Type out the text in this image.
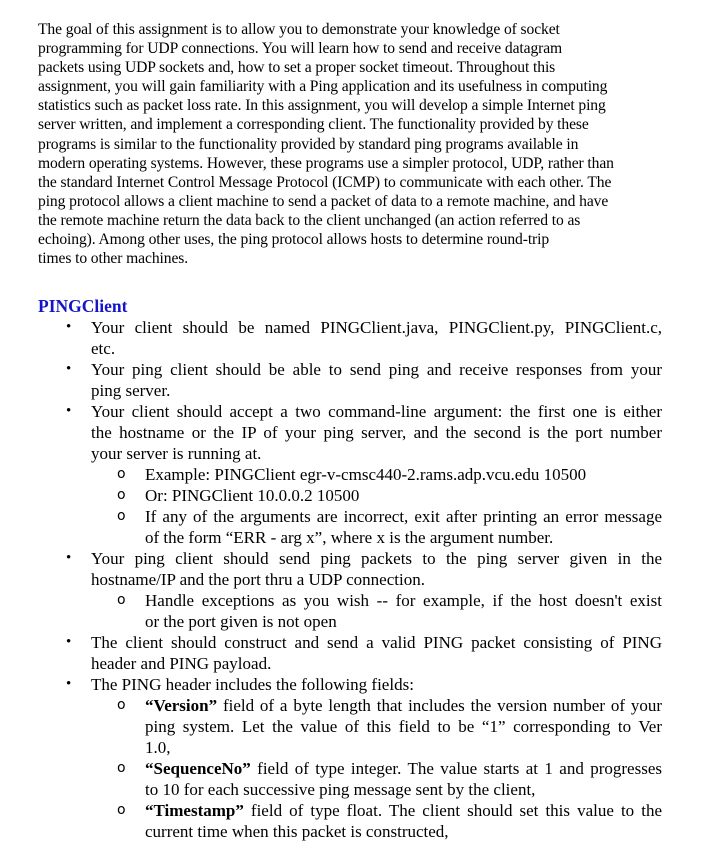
The goal of this assignment is to allow you to demonstrate your knowledge of socket
programming for UDP connections. You will learn how to send and receive datagram
packets using UDP sockets and, how to set a proper socket timeout. Throughout this
assignment, you will gain familiarity with a Ping application and its usefulness in computing
statistics such as packet loss rate. In this assignment, you will develop a simple Internet ping
server written, and implement a corresponding client. The functionality provided by these
programs is similar to the functionality provided by standard ping programs available in
modern operating systems. However, these programs use a simpler protocol, UDP, rather than
the standard Internet Control Message Protocol (ICMP) to communicate with each other. The
ping protocol allows a client machine to send a packet of data to a remote machine, and have
the remote machine return the data back to the client unchanged (an action referred to as
echoing). Among other uses, the ping protocol allows hosts to determine round-trip
times to other machines.

PINGClient
•	Your client should be named PINGClient.java, PINGClient.py, PINGClient.c,
etc.
•	Your ping client should be able to send ping and receive responses from your
ping server.
•	Your client should accept a two command-line argument: the first one is either
the hostname or the IP of your ping server, and the second is the port number
your server is running at.
o Example: PINGClient egr-v-cmsc440-2.rams.adp.vcu.edu 10500
o Or: PINGClient 10.0.0.2 10500
o If any of the arguments are incorrect, exit after printing an error message
of the form “ERR - arg x”, where x is the argument number.
•	Your ping client should send ping packets to the ping server given in the
hostname/IP and the port thru a UDP connection.
o Handle exceptions as you wish -- for example, if the host doesn't exist
or the port given is not open
•	The client should construct and send a valid PING packet consisting of PING
header and PING payload.
•	The PING header includes the following fields:
o “Version” field of a byte length that includes the version number of your
ping system. Let the value of this field to be “1” corresponding to Ver
1.0,
o “SequenceNo” field of type integer. The value starts at 1 and progresses
to 10 for each successive ping message sent by the client,
o “Timestamp” field of type float. The client should set this value to the
current time when this packet is constructed,
